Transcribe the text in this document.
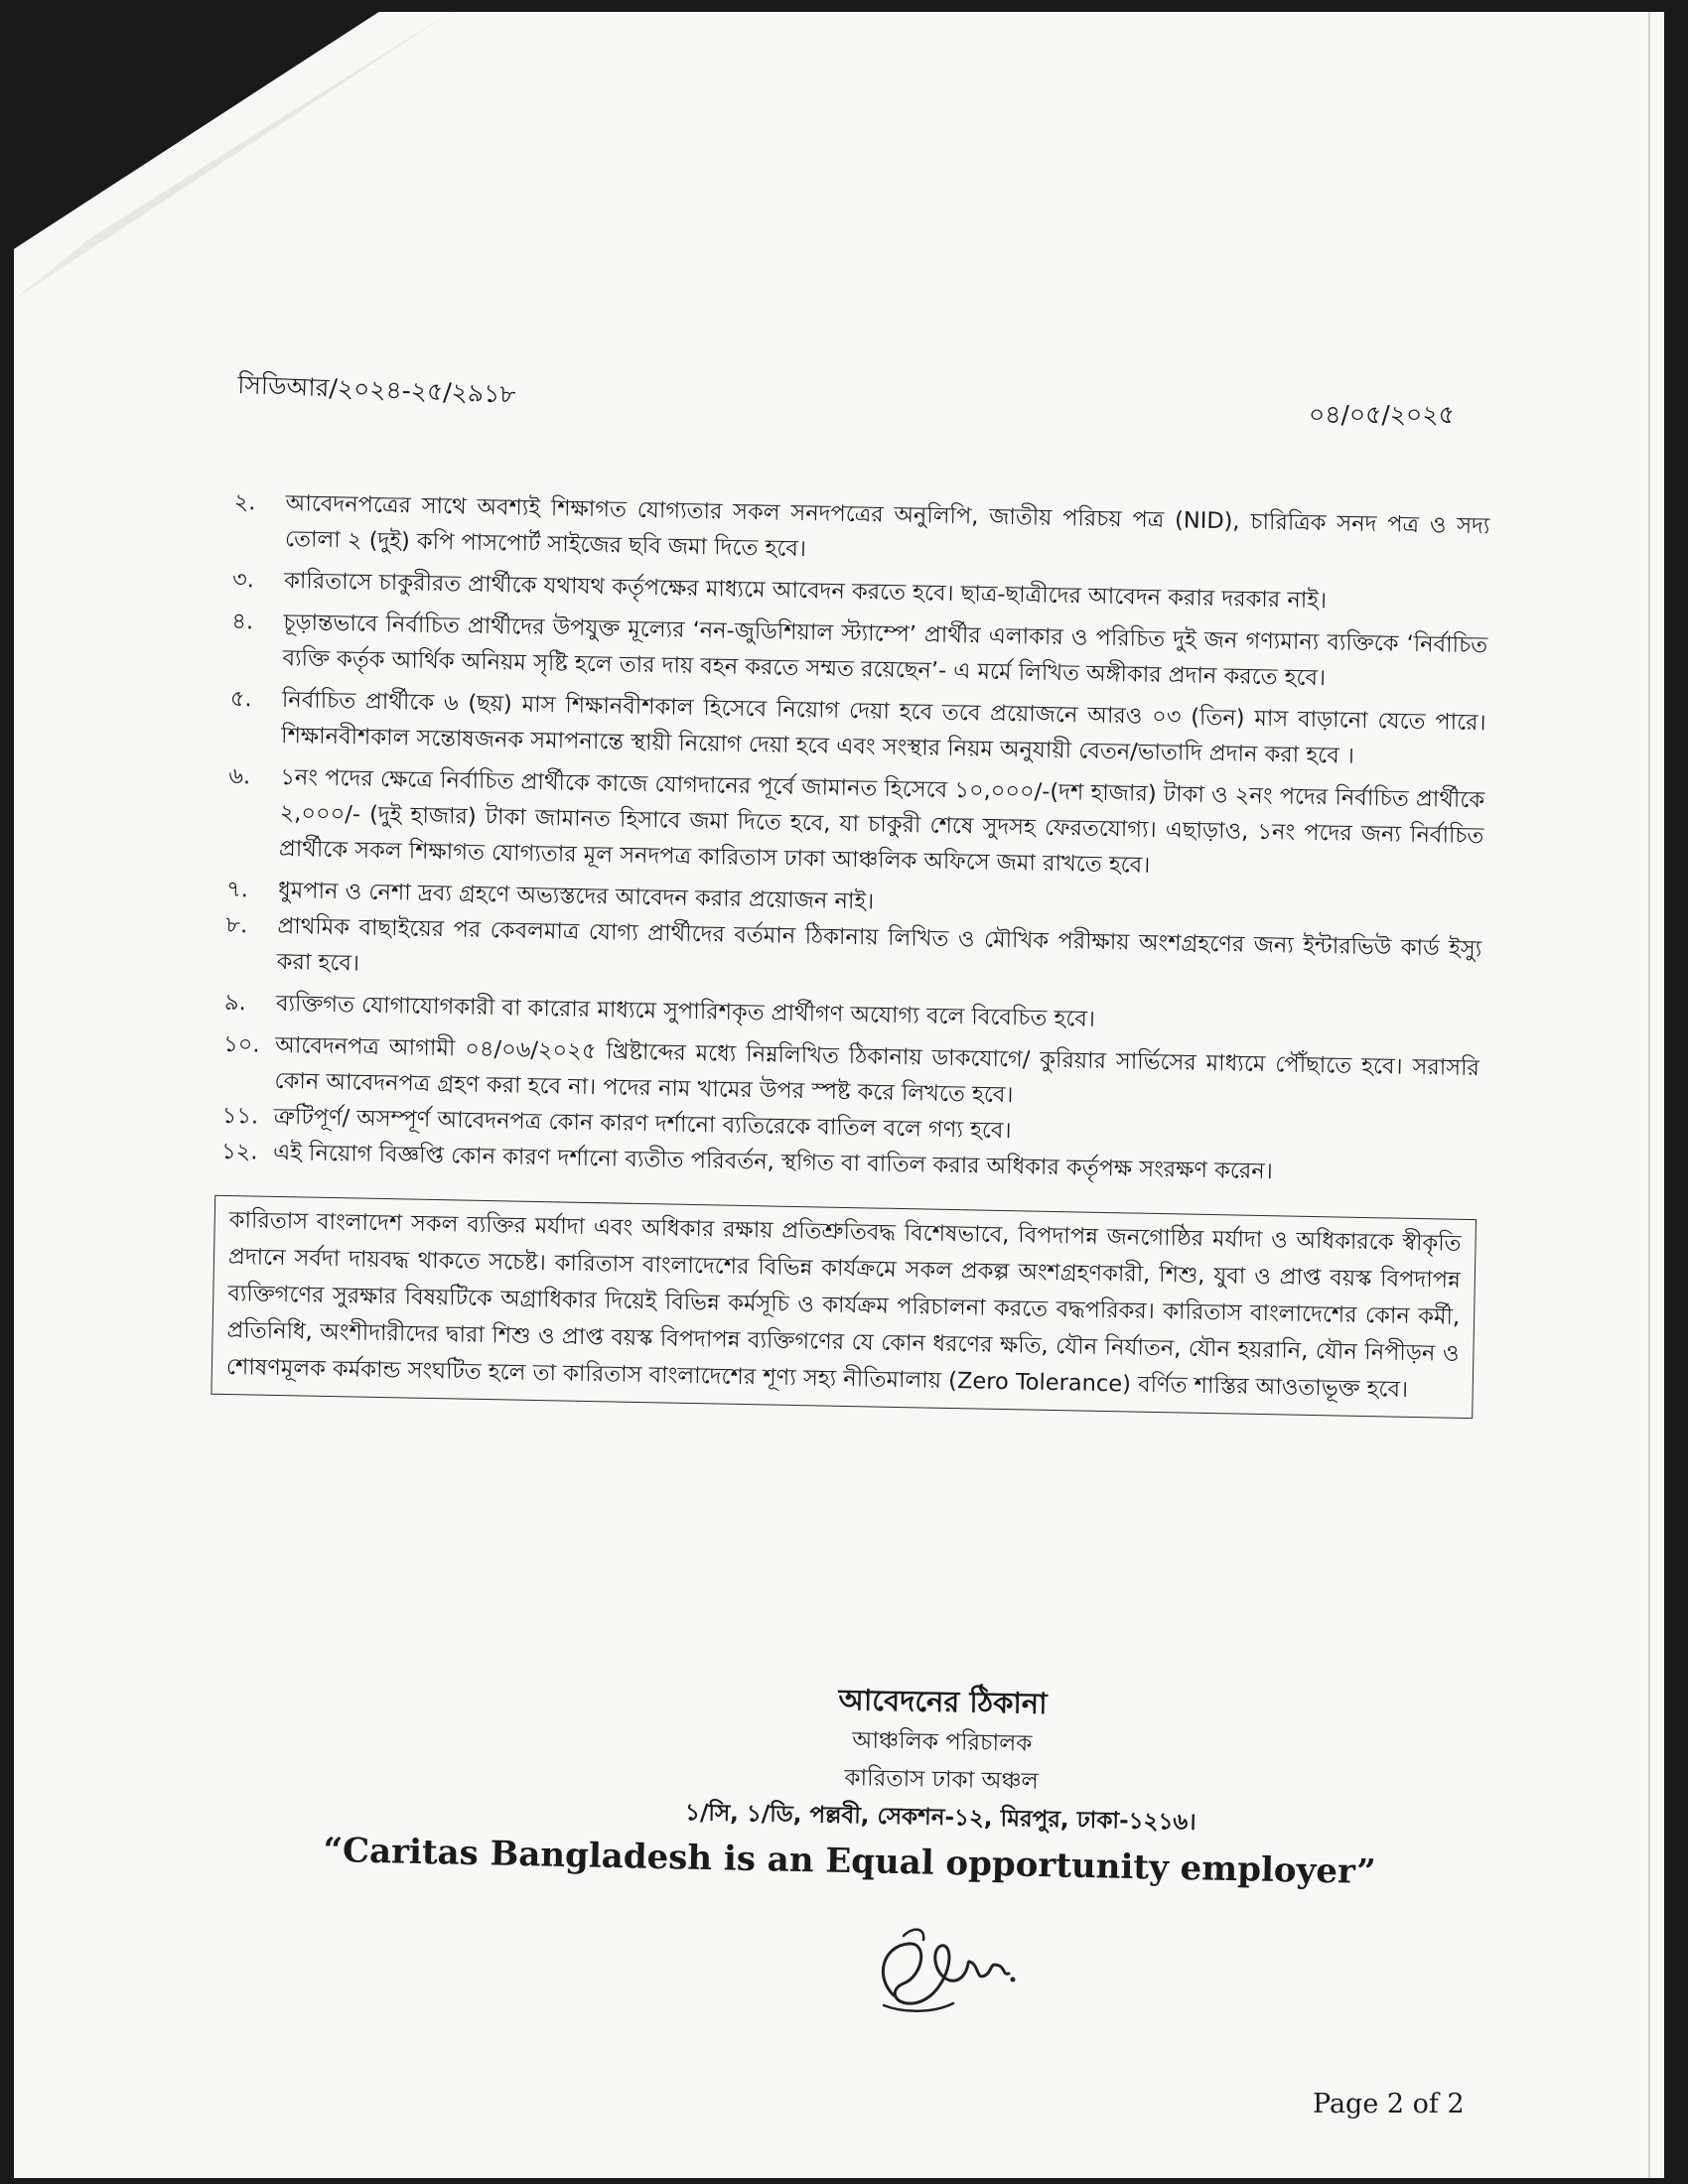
সিডিআর/২০২৪-২৫/২৯১৮
০৪/০৫/২০২৫
২.	আবেদনপত্রের সাথে অবশ্যই শিক্ষাগত যোগ্যতার সকল সনদপত্রের অনুলিপি, জাতীয় পরিচয় পত্র (NID), চারিত্রিক সনদ পত্র ও সদ্য তোলা ২ (দুই) কপি পাসপোর্ট সাইজের ছবি জমা দিতে হবে।
৩.	কারিতাসে চাকুরীরত প্রার্থীকে যথাযথ কর্তৃপক্ষের মাধ্যমে আবেদন করতে হবে। ছাত্র-ছাত্রীদের আবেদন করার দরকার নাই।
৪.	চূড়ান্তভাবে নির্বাচিত প্রার্থীদের উপযুক্ত মূল্যের ‘নন-জুডিশিয়াল স্ট্যাম্পে’ প্রার্থীর এলাকার ও পরিচিত দুই জন গণ্যমান্য ব্যক্তিকে ‘নির্বাচিত ব্যক্তি কর্তৃক আর্থিক অনিয়ম সৃষ্টি হলে তার দায় বহন করতে সম্মত রয়েছেন’- এ মর্মে লিখিত অঙ্গীকার প্রদান করতে হবে।
৫.	নির্বাচিত প্রার্থীকে ৬ (ছয়) মাস শিক্ষানবীশকাল হিসেবে নিয়োগ দেয়া হবে তবে প্রয়োজনে আরও ০৩ (তিন) মাস বাড়ানো যেতে পারে। শিক্ষানবীশকাল সন্তোষজনক সমাপনান্তে স্থায়ী নিয়োগ দেয়া হবে এবং সংস্থার নিয়ম অনুযায়ী বেতন/ভাতাদি প্রদান করা হবে ।
৬.	১নং পদের ক্ষেত্রে নির্বাচিত প্রার্থীকে কাজে যোগদানের পূর্বে জামানত হিসেবে ১০,০০০/-(দশ হাজার) টাকা ও ২নং পদের নির্বাচিত প্রার্থীকে ২,০০০/- (দুই হাজার) টাকা জামানত হিসাবে জমা দিতে হবে, যা চাকুরী শেষে সুদসহ ফেরতযোগ্য। এছাড়াও, ১নং পদের জন্য নির্বাচিত প্রার্থীকে সকল শিক্ষাগত যোগ্যতার মূল সনদপত্র কারিতাস ঢাকা আঞ্চলিক অফিসে জমা রাখতে হবে।
৭.	ধুমপান ও নেশা দ্রব্য গ্রহণে অভ্যস্তদের আবেদন করার প্রয়োজন নাই।
৮.	প্রাথমিক বাছাইয়ের পর কেবলমাত্র যোগ্য প্রার্থীদের বর্তমান ঠিকানায় লিখিত ও মৌখিক পরীক্ষায় অংশগ্রহণের জন্য ইন্টারভিউ কার্ড ইস্যু করা হবে।
৯.	ব্যক্তিগত যোগাযোগকারী বা কারোর মাধ্যমে সুপারিশকৃত প্রার্থীগণ অযোগ্য বলে বিবেচিত হবে।
১০. আবেদনপত্র আগামী ০৪/০৬/২০২৫ খ্রিষ্টাব্দের মধ্যে নিম্নলিখিত ঠিকানায় ডাকযোগে/ কুরিয়ার সার্ভিসের মাধ্যমে পৌঁছাতে হবে। সরাসরি কোন আবেদনপত্র গ্রহণ করা হবে না। পদের নাম খামের উপর স্পষ্ট করে লিখতে হবে।
১১. ত্রুটিপূর্ণ/ অসম্পূর্ণ আবেদনপত্র কোন কারণ দর্শানো ব্যতিরেকে বাতিল বলে গণ্য হবে।
১২. এই নিয়োগ বিজ্ঞপ্তি কোন কারণ দর্শানো ব্যতীত পরিবর্তন, স্থগিত বা বাতিল করার অধিকার কর্তৃপক্ষ সংরক্ষণ করেন।
কারিতাস বাংলাদেশ সকল ব্যক্তির মর্যাদা এবং অধিকার রক্ষায় প্রতিশ্রুতিবদ্ধ বিশেষভাবে, বিপদাপন্ন জনগোষ্ঠির মর্যাদা ও অধিকারকে স্বীকৃতি প্রদানে সর্বদা দায়বদ্ধ থাকতে সচেষ্ট। কারিতাস বাংলাদেশের বিভিন্ন কার্যক্রমে সকল প্রকল্প অংশগ্রহণকারী, শিশু, যুবা ও প্রাপ্ত বয়স্ক বিপদাপন্ন ব্যক্তিগণের সুরক্ষার বিষয়টিকে অগ্রাধিকার দিয়েই বিভিন্ন কর্মসূচি ও কার্যক্রম পরিচালনা করতে বদ্ধপরিকর। কারিতাস বাংলাদেশের কোন কর্মী, প্রতিনিধি, অংশীদারীদের দ্বারা শিশু ও প্রাপ্ত বয়স্ক বিপদাপন্ন ব্যক্তিগণের যে কোন ধরণের ক্ষতি, যৌন নির্যাতন, যৌন হয়রানি, যৌন নিপীড়ন ও শোষণমূলক কর্মকান্ড সংঘটিত হলে তা কারিতাস বাংলাদেশের শূণ্য সহ্য নীতিমালায় (Zero Tolerance) বর্ণিত শাস্তির আওতাভূক্ত হবে।
আবেদনের ঠিকানা
আঞ্চলিক পরিচালক
কারিতাস ঢাকা অঞ্চল
১/সি, ১/ডি, পল্লবী, সেকশন-১২, মিরপুর, ঢাকা-১২১৬।
“Caritas Bangladesh is an Equal opportunity employer”
Page 2 of 2
